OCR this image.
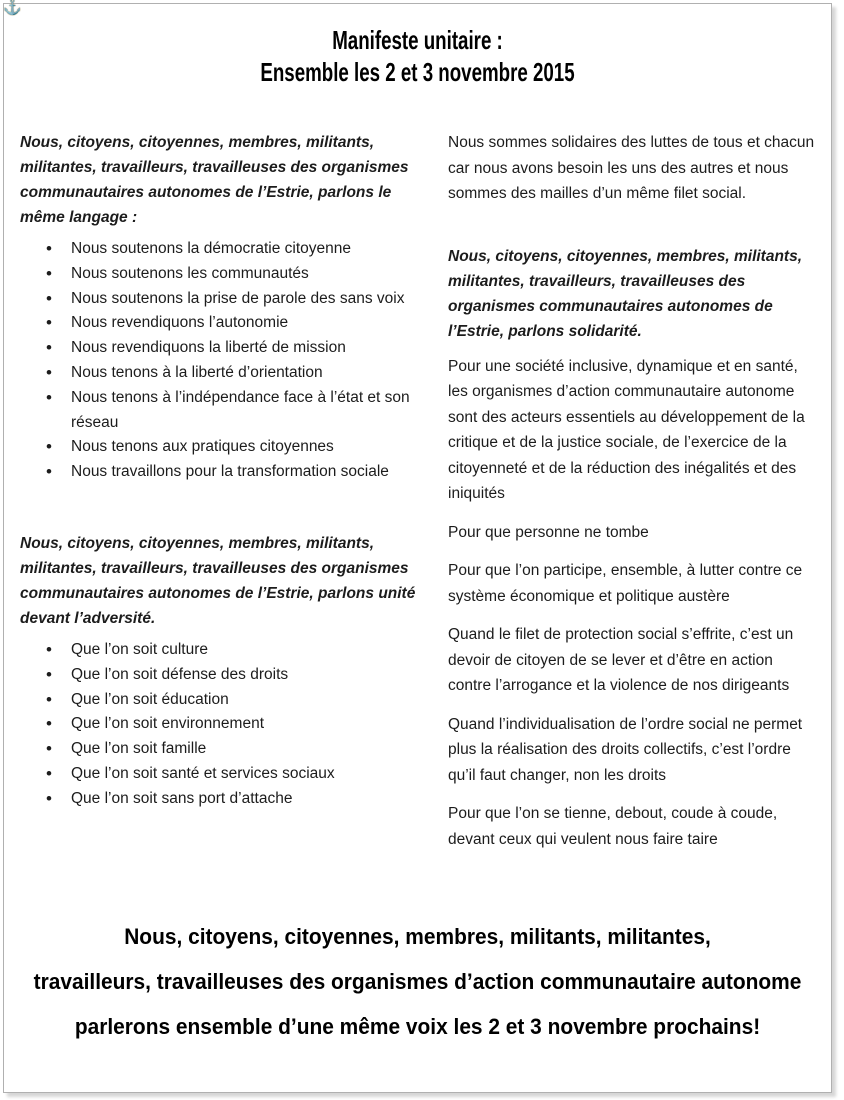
⚓
Manifeste unitaire :
Ensemble les 2 et 3 novembre 2015

Nous, citoyens, citoyennes, membres, militants, militantes, travailleurs, travailleuses des organismes communautaires autonomes de l’Estrie, parlons le même langage :

• Nous soutenons la démocratie citoyenne
• Nous soutenons les communautés
• Nous soutenons la prise de parole des sans voix
• Nous revendiquons l’autonomie
• Nous revendiquons la liberté de mission
• Nous tenons à la liberté d’orientation
• Nous tenons à l’indépendance face à l’état et son réseau
• Nous tenons aux pratiques citoyennes
• Nous travaillons pour la transformation sociale

Nous, citoyens, citoyennes, membres, militants, militantes, travailleurs, travailleuses des organismes communautaires autonomes de l’Estrie, parlons unité devant l’adversité.

• Que l’on soit culture
• Que l’on soit défense des droits
• Que l’on soit éducation
• Que l’on soit environnement
• Que l’on soit famille
• Que l’on soit santé et services sociaux
• Que l’on soit sans port d’attache

Nous sommes solidaires des luttes de tous et chacun car nous avons besoin les uns des autres et nous sommes des mailles d’un même filet social.

Nous, citoyens, citoyennes, membres, militants, militantes, travailleurs, travailleuses des organismes communautaires autonomes de l’Estrie, parlons solidarité.

Pour une société inclusive, dynamique et en santé, les organismes d’action communautaire autonome sont des acteurs essentiels au développement de la critique et de la justice sociale, de l’exercice de la citoyenneté et de la réduction des inégalités et des iniquités

Pour que personne ne tombe

Pour que l’on participe, ensemble, à lutter contre ce système économique et politique austère

Quand le filet de protection social s’effrite, c’est un devoir de citoyen de se lever et d’être en action contre l’arrogance et la violence de nos dirigeants

Quand l’individualisation de l’ordre social ne permet plus la réalisation des droits collectifs, c’est l’ordre qu’il faut changer, non les droits

Pour que l’on se tienne, debout, coude à coude, devant ceux qui veulent nous faire taire

Nous, citoyens, citoyennes, membres, militants, militantes,
travailleurs, travailleuses des organismes d’action communautaire autonome
parlerons ensemble d’une même voix les 2 et 3 novembre prochains!
